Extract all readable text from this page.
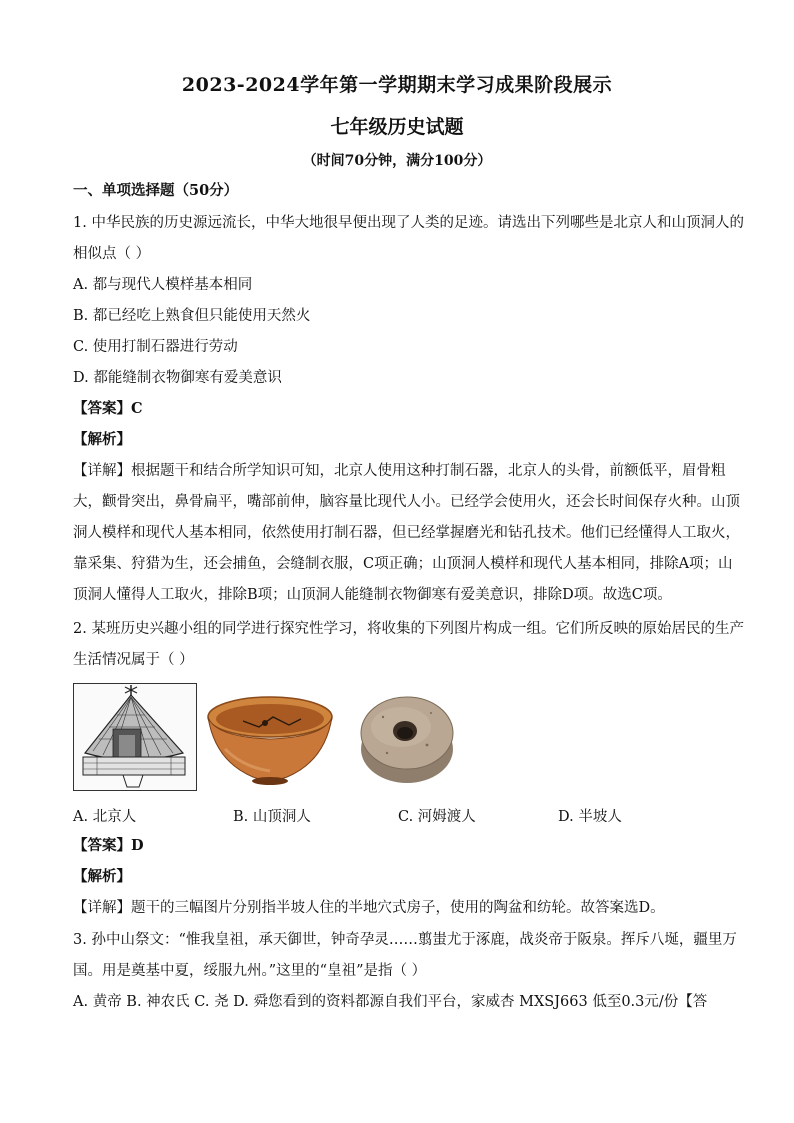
2023-2024学年第一学期期末学习成果阶段展示
七年级历史试题
（时间70分钟，满分100分）
一、单项选择题（50分）
1. 中华民族的历史源远流长，中华大地很早便出现了人类的足迹。请选出下列哪些是北京人和山顶洞人的
相似点（ ）
A. 都与现代人模样基本相同
B. 都已经吃上熟食但只能使用天然火
C. 使用打制石器进行劳动
D. 都能缝制衣物御寒有爱美意识
【答案】C
【解析】
【详解】根据题干和结合所学知识可知，北京人使用这种打制石器，北京人的头骨，前额低平，眉骨粗
大，颧骨突出，鼻骨扁平，嘴部前伸，脑容量比现代人小。已经学会使用火，还会长时间保存火种。山顶
洞人模样和现代人基本相同，依然使用打制石器，但已经掌握磨光和钻孔技术。他们已经懂得人工取火，
靠采集、狩猎为生，还会捕鱼，会缝制衣服，C项正确；山顶洞人模样和现代人基本相同，排除A项；山
顶洞人懂得人工取火，排除B项；山顶洞人能缝制衣物御寒有爱美意识，排除D项。故选C项。
2. 某班历史兴趣小组的同学进行探究性学习，将收集的下列图片构成一组。它们所反映的原始居民的生产
生活情况属于（ ）
A. 北京人	B. 山顶洞人	C. 河姆渡人	D. 半坡人
【答案】D
【解析】
【详解】题干的三幅图片分别指半坡人住的半地穴式房子，使用的陶盆和纺轮。故答案选D。
3. 孙中山祭文：“惟我皇祖，承天御世，钟奇孕灵……翦蚩尤于涿鹿，战炎帝于阪泉。挥斥八埏，疆里万
国。用是奠基中夏，绥服九州。”这里的“皇祖”是指（ ）
A. 黄帝 B. 神农氏 C. 尧 D. 舜您看到的资料都源自我们平台，家威杏 MXSJ663 低至0.3元/份【答
